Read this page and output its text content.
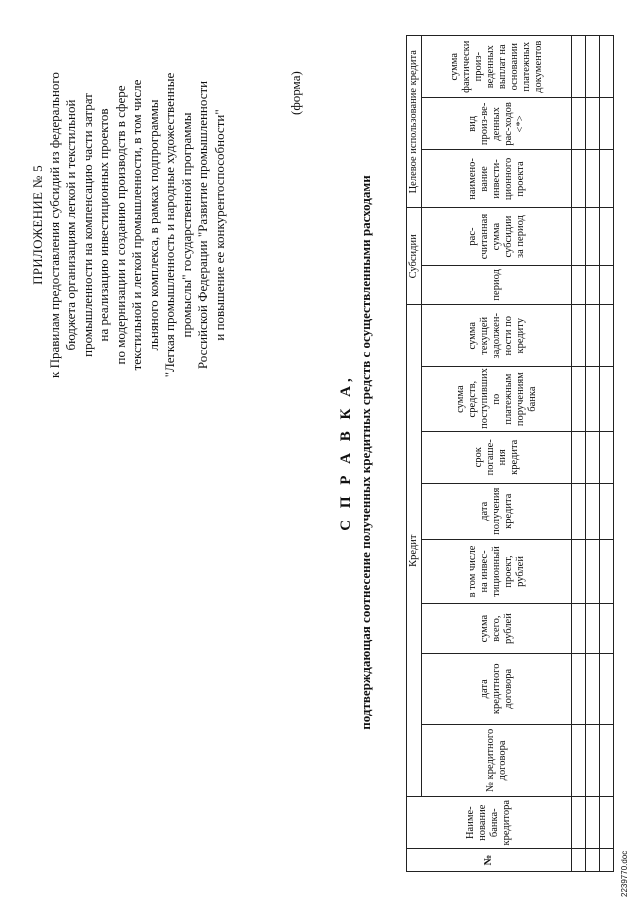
ПРИЛОЖЕНИЕ № 5 к Правилам предоставления субсидий из федерального бюджета организациям легкой и текстильной промышленности на компенсацию части затрат на реализацию инвестиционных проектов по модернизации и созданию производств в сфере текстильной и легкой промышленности, в том числе льняного комплекса, в рамках подпрограммы "Легкая промышленность и народные художественные промыслы" государственной программы Российской Федерации "Развитие промышленности и повышение ее конкурентоспособности"
(форма)
С П Р А В К А, подтверждающая соотнесение полученных кредитных средств с осуществленными расходами
№	Наиме-нование банка-кредитора	Кредит								Субсидии		Целевое использование кредита		
		№ кредитного договора	дата кредитного договора	сумма всего, рублей	в том числе на инвес-тиционный проект, рублей	дата получения кредита	срок погаше-ния кредита	сумма средств, поступивших по платежным поручениям банка	сумма текущей задолжен-ности по кредиту	период	рас-считанная сумма субсидии за период	наимено-вание инвести-ционного проекта	вид произ-ве-денных рас-ходов <*>	сумма фактически произ-веденных выплат на основании платежных документов

2239770.doc
